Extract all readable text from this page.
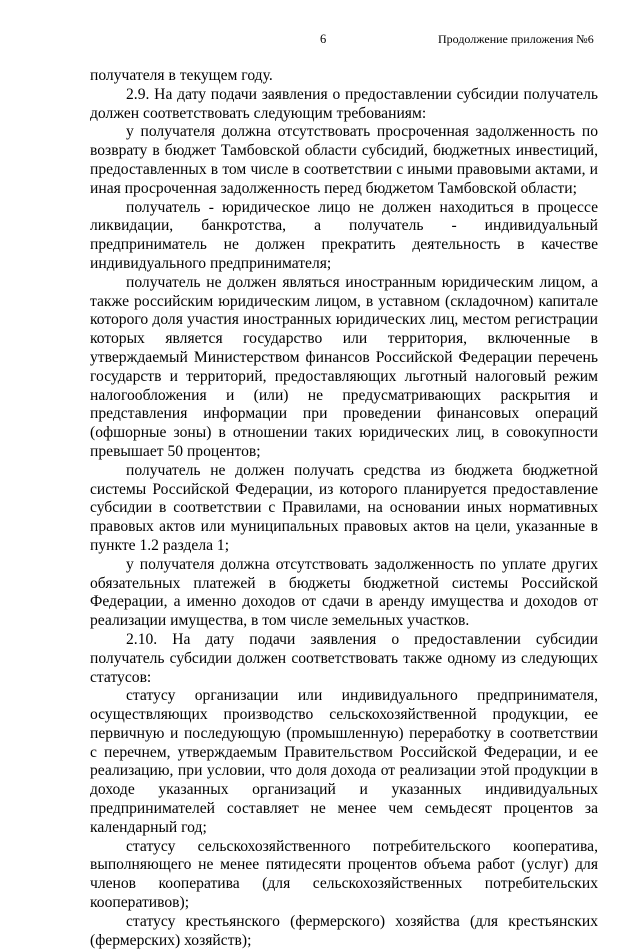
6	Продолжение приложения №6

получателя в текущем году.

2.9. На дату подачи заявления о предоставлении субсидии получатель должен соответствовать следующим требованиям:

у получателя должна отсутствовать просроченная задолженность по возврату в бюджет Тамбовской области субсидий, бюджетных инвестиций, предоставленных в том числе в соответствии с иными правовыми актами, и иная просроченная задолженность перед бюджетом Тамбовской области;

получатель - юридическое лицо не должен находиться в процессе ликвидации, банкротства, а получатель - индивидуальный предприниматель не должен прекратить деятельность в качестве индивидуального предпринимателя;

получатель не должен являться иностранным юридическим лицом, а также российским юридическим лицом, в уставном (складочном) капитале которого доля участия иностранных юридических лиц, местом регистрации которых является государство или территория, включенные в утверждаемый Министерством финансов Российской Федерации перечень государств и территорий, предоставляющих льготный налоговый режим налогообложения и (или) не предусматривающих раскрытия и представления информации при проведении финансовых операций (офшорные зоны) в отношении таких юридических лиц, в совокупности превышает 50 процентов;

получатель не должен получать средства из бюджета бюджетной системы Российской Федерации, из которого планируется предоставление субсидии в соответствии с Правилами, на основании иных нормативных правовых актов или муниципальных правовых актов на цели, указанные в пункте 1.2 раздела 1;

у получателя должна отсутствовать задолженность по уплате других обязательных платежей в бюджеты бюджетной системы Российской Федерации, а именно доходов от сдачи в аренду имущества и доходов от реализации имущества, в том числе земельных участков.

2.10. На дату подачи заявления о предоставлении субсидии получатель субсидии должен соответствовать также одному из следующих статусов:

статусу организации или индивидуального предпринимателя, осуществляющих производство сельскохозяйственной продукции, ее первичную и последующую (промышленную) переработку в соответствии с перечнем, утверждаемым Правительством Российской Федерации, и ее реализацию, при условии, что доля дохода от реализации этой продукции в доходе указанных организаций и указанных индивидуальных предпринимателей составляет не менее чем семьдесят процентов за календарный год;

статусу сельскохозяйственного потребительского кооператива, выполняющего не менее пятидесяти процентов объема работ (услуг) для членов кооператива (для сельскохозяйственных потребительских кооперативов);

статусу крестьянского (фермерского) хозяйства (для крестьянских (фермерских) хозяйств);
